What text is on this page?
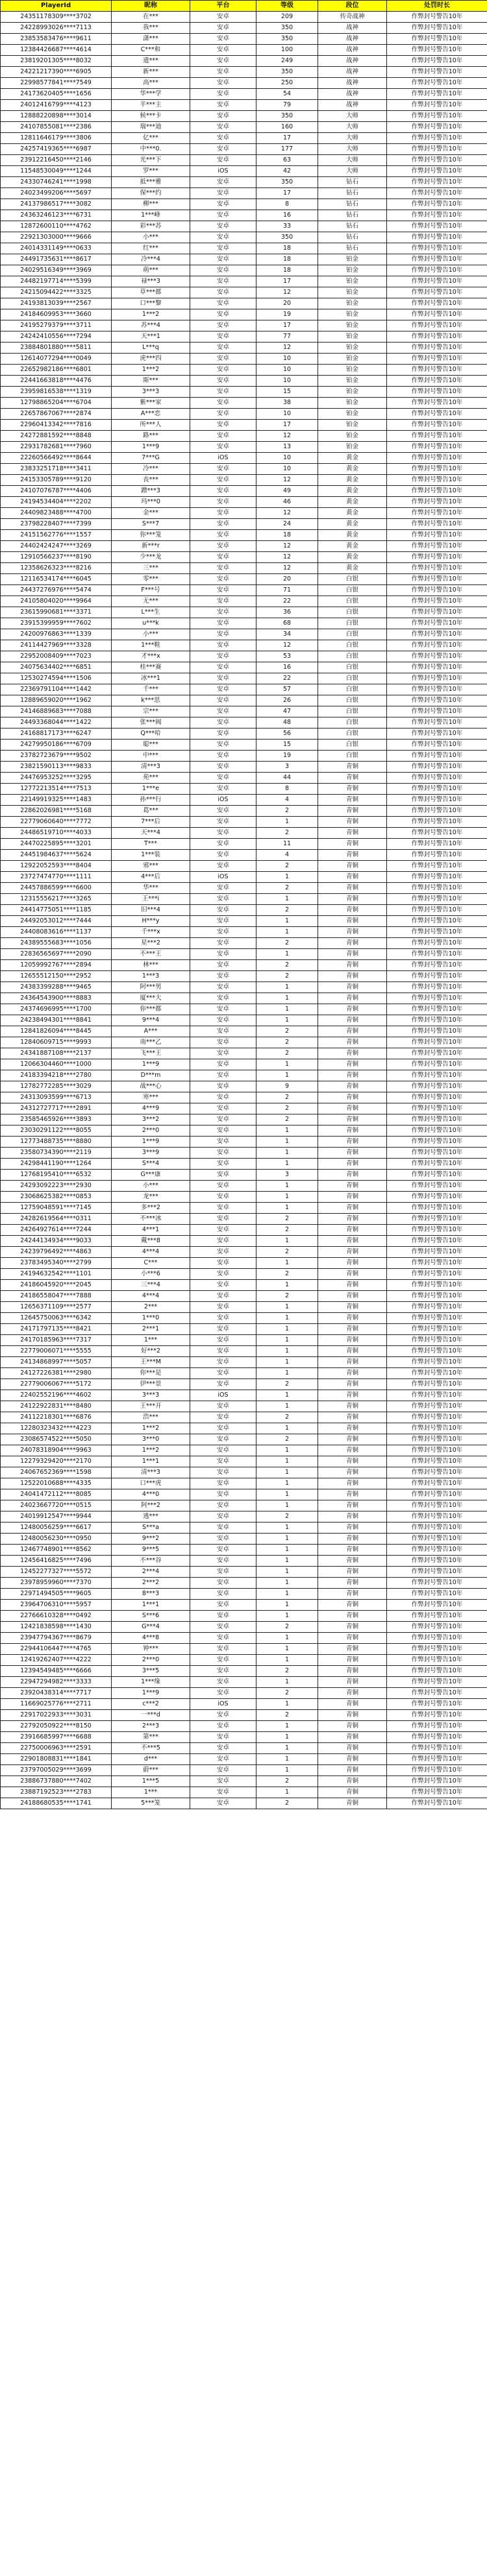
PlayerId	昵称	平台	等级	段位	处罚时长
24351178309****3702	在***	安卓	209	传奇战神	作弊封号警告10年
24228993026****7113	我***	安卓	350	战神	作弊封号警告10年
23853583476****9611	潇***	安卓	350	战神	作弊封号警告10年
12384426687****4614	C***和	安卓	100	战神	作弊封号警告10年
23819201305****8032	遗***	安卓	249	战神	作弊封号警告10年
24221217390****6905	新***	安卓	350	战神	作弊封号警告10年
22998577841****7549	高***	安卓	250	战神	作弊封号警告10年
24173620405****1656	华***学	安卓	54	战神	作弊封号警告10年
24012416799****4123	半***主	安卓	79	战神	作弊封号警告10年
12888220898****3014	候***卡	安卓	350	大师	作弊封号警告10年
24107855081****2386	瑞***迪	安卓	160	大师	作弊封号警告10年
12811646179****3806	亿***	安卓	17	大师	作弊封号警告10年
24257419365****6987	中***0.	安卓	177	大师	作弊封号警告10年
23912216450****2146	光***下	安卓	63	大师	作弊封号警告10年
11548530049****1244	罗***	iOS	42	大师	作弊封号警告10年
24330746241****1998	抵***雅	安卓	350	钻石	作弊封号警告10年
24023499206****5697	保***约	安卓	17	钻石	作弊封号警告10年
24137986517****3082	柳***	安卓	8	钻石	作弊封号警告10年
24363246123****6731	1***峰	安卓	16	钻石	作弊封号警告10年
12872600110****4762	彩***苏	安卓	33	钻石	作弊封号警告10年
22921303000****9666	小***	安卓	350	钻石	作弊封号警告10年
24014331149****0633	红***	安卓	18	钻石	作弊封号警告10年
24491735631****8617	冷***4	安卓	18	铂金	作弊封号警告10年
24029516349****3969	萌***	安卓	18	铂金	作弊封号警告10年
24482197714****5399	禄***3	安卓	17	铂金	作弊封号警告10年
24215094422****3325	草***都	安卓	12	铂金	作弊封号警告10年
24193813039****2567	口***黎	安卓	20	铂金	作弊封号警告10年
24184609953****3660	1***2	安卓	19	铂金	作弊封号警告10年
24195279379****3711	苏***4	安卓	17	铂金	作弊封号警告10年
24242410556****7294	天***1	安卓	77	铂金	作弊封号警告10年
23884801880****5811	L***q	安卓	12	铂金	作弊封号警告10年
12614077294****0049	虎***四	安卓	10	铂金	作弊封号警告10年
22652982186****6801	1***2	安卓	10	铂金	作弊封号警告10年
22441663818****4476	斯***	安卓	10	铂金	作弊封号警告10年
23959816538****1319	3***3	安卓	15	铂金	作弊封号警告10年
12798865204****6704	紫***家	安卓	38	铂金	作弊封号警告10年
22657867067****2874	A***恋	安卓	10	铂金	作弊封号警告10年
22960413342****7816	所***人	安卓	17	铂金	作弊封号警告10年
24272881592****8848	路***	安卓	12	铂金	作弊封号警告10年
22931782681****7960	1***9	安卓	13	铂金	作弊封号警告10年
22260566492****8644	7***G	iOS	10	黄金	作弊封号警告10年
23833251718****3411	冷***	安卓	10	黄金	作弊封号警告10年
24153305789****9120	丧***	安卓	12	黄金	作弊封号警告10年
24107076787****4406	蹭***3	安卓	49	黄金	作弊封号警告10年
24194534404****2202	玛***0	安卓	46	黄金	作弊封号警告10年
24409823488****4700	金***	安卓	12	黄金	作弊封号警告10年
23798228407****7399	S***7	安卓	24	黄金	作弊封号警告10年
24151562776****1557	你***笼	安卓	18	黄金	作弊封号警告10年
24402424247****3269	新***r	安卓	12	黄金	作弊封号警告10年
12910566237****8190	少***龙	安卓	12	黄金	作弊封号警告10年
12358626323****8216	三***	安卓	12	黄金	作弊封号警告10年
12116534174****6045	零***	安卓	20	白银	作弊封号警告10年
24437276976****5474	F***号	安卓	71	白银	作弊封号警告10年
24105804020****9964	无***	安卓	22	白银	作弊封号警告10年
23615990681****3371	L***生	安卓	36	白银	作弊封号警告10年
23915399959****7602	u***k	安卓	68	白银	作弊封号警告10年
24200976863****1339	小***	安卓	34	白银	作弊封号警告10年
24114427969****3328	1***鞋	安卓	12	白银	作弊封号警告10年
22952008409****7023	才***x	安卓	53	白银	作弊封号警告10年
24075634402****6851	桂***赛	安卓	16	白银	作弊封号警告10年
12530274594****1506	冰***1	安卓	22	白银	作弊封号警告10年
22369791104****1442	千***	安卓	57	白银	作弊封号警告10年
12889659020****1962	k***思	安卓	26	白银	作弊封号警告10年
24146889683****7088	宗***	安卓	47	白银	作弊封号警告10年
24493368044****1422	张***阀	安卓	48	白银	作弊封号警告10年
24168817173****6247	Q***哈	安卓	56	白银	作弊封号警告10年
24279950186****6709	聪***	安卓	15	白银	作弊封号警告10年
23782723679****9502	中***	安卓	19	白银	作弊封号警告10年
23821590113****9833	清***3	安卓	3	青铜	作弊封号警告10年
24476953252****3295	苑***	安卓	44	青铜	作弊封号警告10年
12772213514****7513	1***e	安卓	8	青铜	作弊封号警告10年
22149919325****1483	孙***行	iOS	4	青铜	作弊封号警告10年
22862026981****5168	葛***	安卓	2	青铜	作弊封号警告10年
22779060640****7772	7***后	安卓	1	青铜	作弊封号警告10年
24486519710****4033	天***4	安卓	2	青铜	作弊封号警告10年
24470225895****3201	T***	安卓	11	青铜	作弊封号警告10年
24451984637****5624	1***装	安卓	4	青铜	作弊封号警告10年
12922052593****8404	邪***	安卓	2	青铜	作弊封号警告10年
23727474770****1111	4***后	iOS	1	青铜	作弊封号警告10年
24457886599****6600	华***	安卓	2	青铜	作弊封号警告10年
12315556217****3265	王***i	安卓	1	青铜	作弊封号警告10年
24414775051****1185	旧***4	安卓	2	青铜	作弊封号警告10年
24492053012****7444	H***y	安卓	1	青铜	作弊封号警告10年
24408083616****1137	千***x	安卓	1	青铜	作弊封号警告10年
24389555683****1056	星***2	安卓	2	青铜	作弊封号警告10年
22836565697****2090	不***王	安卓	1	青铜	作弊封号警告10年
12059992767****2894	林***	安卓	2	青铜	作弊封号警告10年
12655512150****2952	1***3	安卓	2	青铜	作弊封号警告10年
24383399288****9465	阿***男	安卓	1	青铜	作弊封号警告10年
24364543900****8883	厦***大	安卓	1	青铜	作弊封号警告10年
24374696995****1700	你***都	安卓	1	青铜	作弊封号警告10年
24238494301****8841	9***4	安卓	1	青铜	作弊封号警告10年
12841826094****8445	A***	安卓	2	青铜	作弊封号警告10年
12840609715****9993	南***乙	安卓	2	青铜	作弊封号警告10年
24341887108****2137	飞***王	安卓	2	青铜	作弊封号警告10年
12066304460****1000	1***9	安卓	1	青铜	作弊封号警告10年
24183394218****2780	D***m	安卓	1	青铜	作弊封号警告10年
12782772285****3029	战***心	安卓	9	青铜	作弊封号警告10年
24313093599****6713	寒***	安卓	2	青铜	作弊封号警告10年
24312727717****2891	4***9	安卓	2	青铜	作弊封号警告10年
23585465926****3893	3***2	安卓	2	青铜	作弊封号警告10年
23030291122****8055	2***0	安卓	1	青铜	作弊封号警告10年
12773488735****8880	1***9	安卓	1	青铜	作弊封号警告10年
23580734390****2119	3***9	安卓	1	青铜	作弊封号警告10年
24298441190****1264	S***4	安卓	1	青铜	作弊封号警告10年
12768195410****6532	G***康	安卓	3	青铜	作弊封号警告10年
24293092223****2930	小***	安卓	1	青铜	作弊封号警告10年
23068625382****0853	龙***	安卓	1	青铜	作弊封号警告10年
12759048591****7145	多***2	安卓	1	青铜	作弊封号警告10年
24282619564****0311	不***冰	安卓	2	青铜	作弊封号警告10年
24264927614****7244	4***1	安卓	2	青铜	作弊封号警告10年
24244134934****9033	戴***8	安卓	1	青铜	作弊封号警告10年
24239796492****4863	4***4	安卓	2	青铜	作弊封号警告10年
23783495340****2799	C***	安卓	1	青铜	作弊封号警告10年
24194632542****1101	小***6	安卓	2	青铜	作弊封号警告10年
24186045920****2045	三***4	安卓	1	青铜	作弊封号警告10年
24186558047****7888	4***4	安卓	2	青铜	作弊封号警告10年
12656371109****2577	2***	安卓	1	青铜	作弊封号警告10年
12645750063****6342	1***0	安卓	1	青铜	作弊封号警告10年
24171797135****8421	2***1	安卓	1	青铜	作弊封号警告10年
24170185963****7317	1***	安卓	1	青铜	作弊封号警告10年
22779006071****5555	好***2	安卓	1	青铜	作弊封号警告10年
24134868997****5057	王***M	安卓	1	青铜	作弊封号警告10年
24127226381****2980	你***是	安卓	1	青铜	作弊封号警告10年
22779006067****5172	伊***景	安卓	2	青铜	作弊封号警告10年
22402552196****4602	3***3	iOS	1	青铜	作弊封号警告10年
24122922831****8480	王***开	安卓	1	青铜	作弊封号警告10年
24112218301****6876	浩***	安卓	2	青铜	作弊封号警告10年
12280323432****4223	1***2	安卓	1	青铜	作弊封号警告10年
23086574522****5050	3***0	安卓	2	青铜	作弊封号警告10年
24078318904****9963	1***2	安卓	1	青铜	作弊封号警告10年
12279329420****2170	1***1	安卓	1	青铜	作弊封号警告10年
24067652369****1598	清***3	安卓	1	青铜	作弊封号警告10年
12522010688****4335	口***虎	安卓	1	青铜	作弊封号警告10年
24041472112****8085	4***0	安卓	1	青铜	作弊封号警告10年
24023667720****0515	阿***2	安卓	1	青铜	作弊封号警告10年
24019912547****9944	逃***	安卓	2	青铜	作弊封号警告10年
12480056259****6617	S***a	安卓	1	青铜	作弊封号警告10年
12480056230****0950	9***2	安卓	1	青铜	作弊封号警告10年
12467748901****8562	9***5	安卓	1	青铜	作弊封号警告10年
12456416825****7496	不***谷	安卓	1	青铜	作弊封号警告10年
12452277327****5572	2***4	安卓	1	青铜	作弊封号警告10年
23978959960****7370	2***2	安卓	1	青铜	作弊封号警告10年
22971494505****9605	8***3	安卓	1	青铜	作弊封号警告10年
23964706310****5957	1***1	安卓	1	青铜	作弊封号警告10年
22766610328****0492	S***6	安卓	1	青铜	作弊封号警告10年
12421838598****1430	G***4	安卓	2	青铜	作弊封号警告10年
23947794367****8679	4***8	安卓	1	青铜	作弊封号警告10年
22944106447****4765	钟***	安卓	1	青铜	作弊封号警告10年
12419262407****4222	2***0	安卓	1	青铜	作弊封号警告10年
12394549485****6666	3***5	安卓	2	青铜	作弊封号警告10年
22947294982****3333	1***缘	安卓	1	青铜	作弊封号警告10年
23920438314****7717	1***9	安卓	2	青铜	作弊封号警告10年
11669025776****2711	c***2	iOS	1	青铜	作弊封号警告10年
22917022933****3031	一***d	安卓	2	青铜	作弊封号警告10年
22792050922****8150	2***3	安卓	1	青铜	作弊封号警告10年
23916685997****6688	第***	安卓	1	青铜	作弊封号警告10年
22750006963****2591	不***5	安卓	1	青铜	作弊封号警告10年
22901808831****1841	d***	安卓	1	青铜	作弊封号警告10年
23797005029****3699	蔚***	安卓	1	青铜	作弊封号警告10年
23886737880****7402	1***5	安卓	2	青铜	作弊封号警告10年
23887192523****2783	1***	安卓	1	青铜	作弊封号警告10年
24188680535****1741	5***笼	安卓	2	青铜	作弊封号警告10年
